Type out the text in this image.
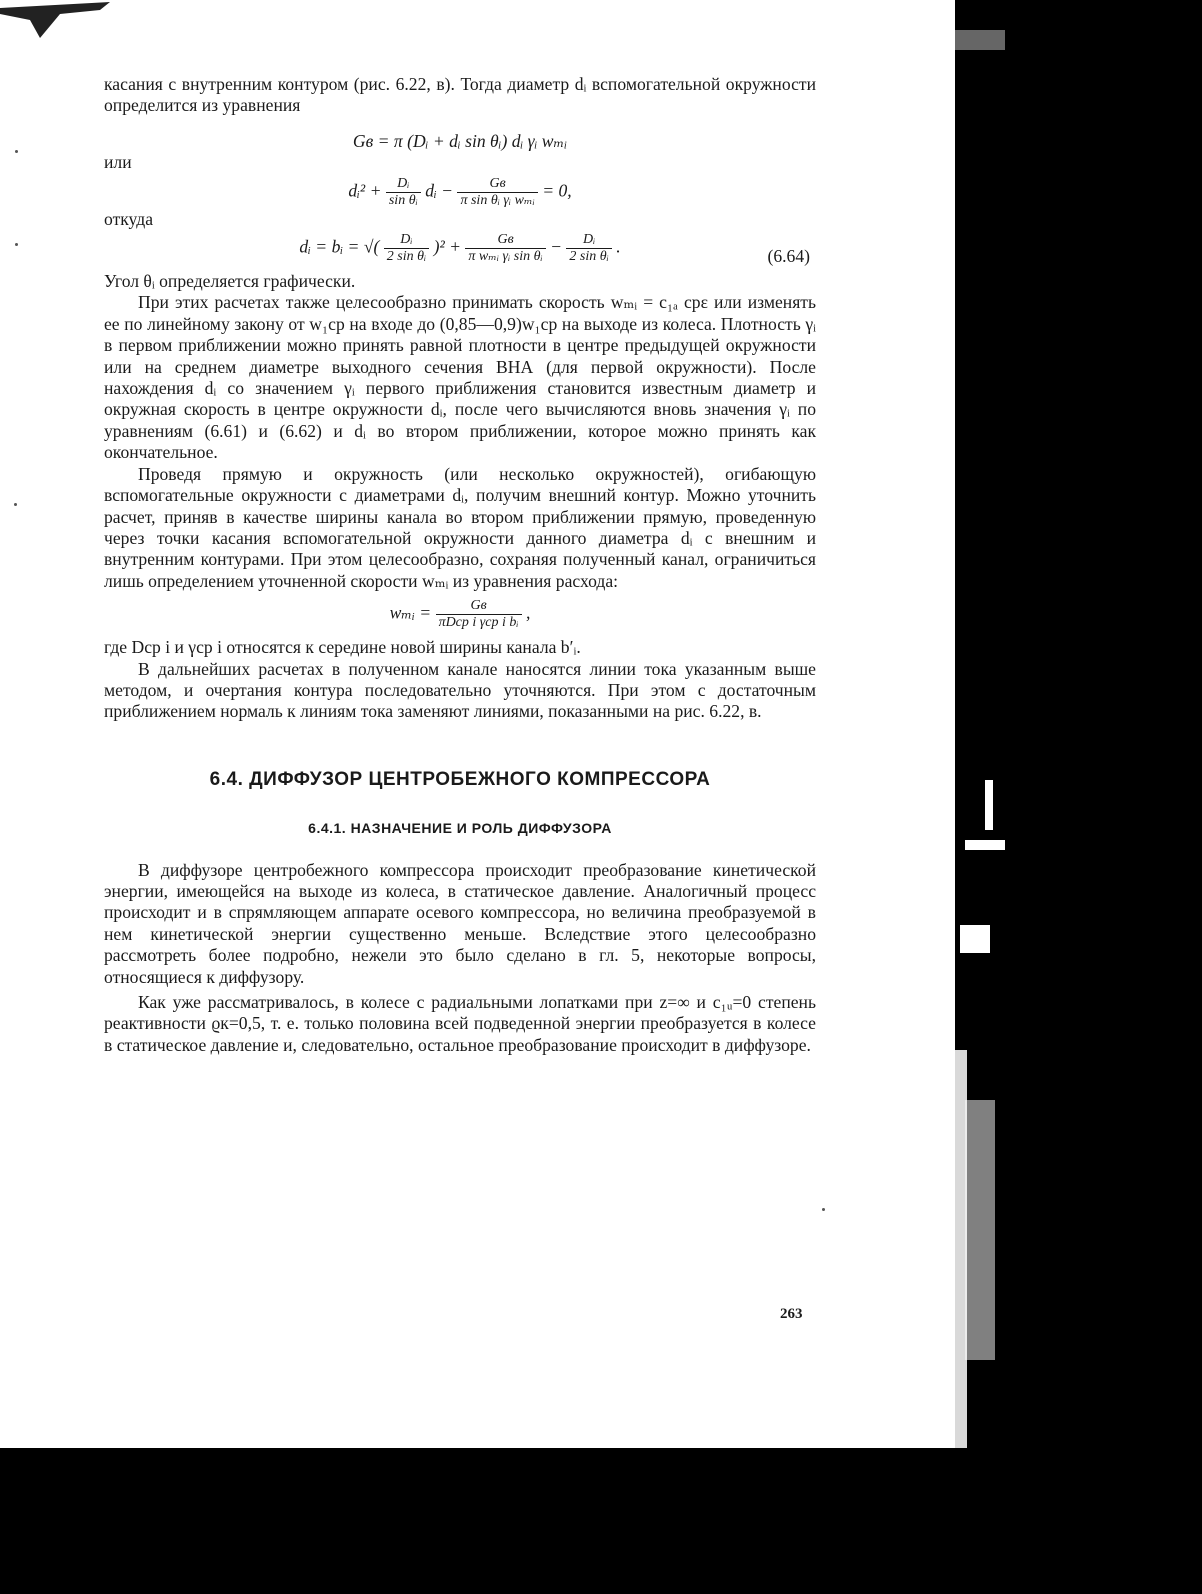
касания с внутренним контуром (рис. 6.22, в). Тогда диаметр dᵢ вспомогательной окружности определится из уравнения

Gв = π (Dᵢ + dᵢ sin θᵢ) dᵢ γᵢ wₘᵢ

или

dᵢ² + $\frac{\text{Dᵢ}}{\text{sin θᵢ}}$ dᵢ − $\frac{Gв}{\text{π sin θᵢ γᵢ wₘᵢ}} = 0$,

откуда

dᵢ = bᵢ = √( $\frac{\text{Dᵢ}}{\text{2 sin θᵢ}} )^2 + \frac{Gв}{\text{π wₘᵢ γᵢ sin θᵢ}} - \frac{\text{Dᵢ}}{\text{2 sin θᵢ}}$ .	(6.64)

Угол θᵢ определяется графически.

При этих расчетах также целесообразно принимать скорость wₘᵢ = c₁ₐ срε или изменять ее по линейному закону от w₁ср на входе до (0,85—0,9)w₁ср на выходе из колеса. Плотность γᵢ в первом приближении можно принять равной плотности в центре предыдущей окружности или на среднем диаметре выходного сечения ВНА (для первой окружности). После нахождения dᵢ со значением γᵢ первого приближения становится известным диаметр и окружная скорость в центре окружности dᵢ, после чего вычисляются вновь значения γᵢ по уравнениям (6.61) и (6.62) и dᵢ во втором приближении, которое можно принять как окончательное.

Проведя прямую и окружность (или несколько окружностей), огибающую вспомогательные окружности с диаметрами dᵢ, получим внешний контур. Можно уточнить расчет, приняв в качестве ширины канала во втором приближении прямую, проведенную через точки касания вспомогательной окружности данного диаметра dᵢ с внешним и внутренним контурами. При этом целесообразно, сохраняя полученный канал, ограничиться лишь определением уточненной скорости wₘᵢ из уравнения расхода:

wₘᵢ = $\frac{Gв}{\text{πDср i γср i bᵢ}}$ ,

где Dср i и γср i относятся к середине новой ширины канала b′ᵢ.

В дальнейших расчетах в полученном канале наносятся линии тока указанным выше методом, и очертания контура последовательно уточняются. При этом с достаточным приближением нормаль к линиям тока заменяют линиями, показанными на рис. 6.22, в.

6.4. ДИФФУЗОР ЦЕНТРОБЕЖНОГО КОМПРЕССОРА
6.4.1. НАЗНАЧЕНИЕ И РОЛЬ ДИФФУЗОРА

В диффузоре центробежного компрессора происходит преобразование кинетической энергии, имеющейся на выходе из колеса, в статическое давление. Аналогичный процесс происходит и в спрямляющем аппарате осевого компрессора, но величина преобразуемой в нем кинетической энергии существенно меньше. Вследствие этого целесообразно рассмотреть более подробно, нежели это было сделано в гл. 5, некоторые вопросы, относящиеся к диффузору.

Как уже рассматривалось, в колесе с радиальными лопатками при z=∞ и c₁ᵤ=0 степень реактивности ϱк=0,5, т. е. только половина всей подведенной энергии преобразуется в колесе в статическое давление и, следовательно, остальное преобразование происходит в диффузоре.

263
